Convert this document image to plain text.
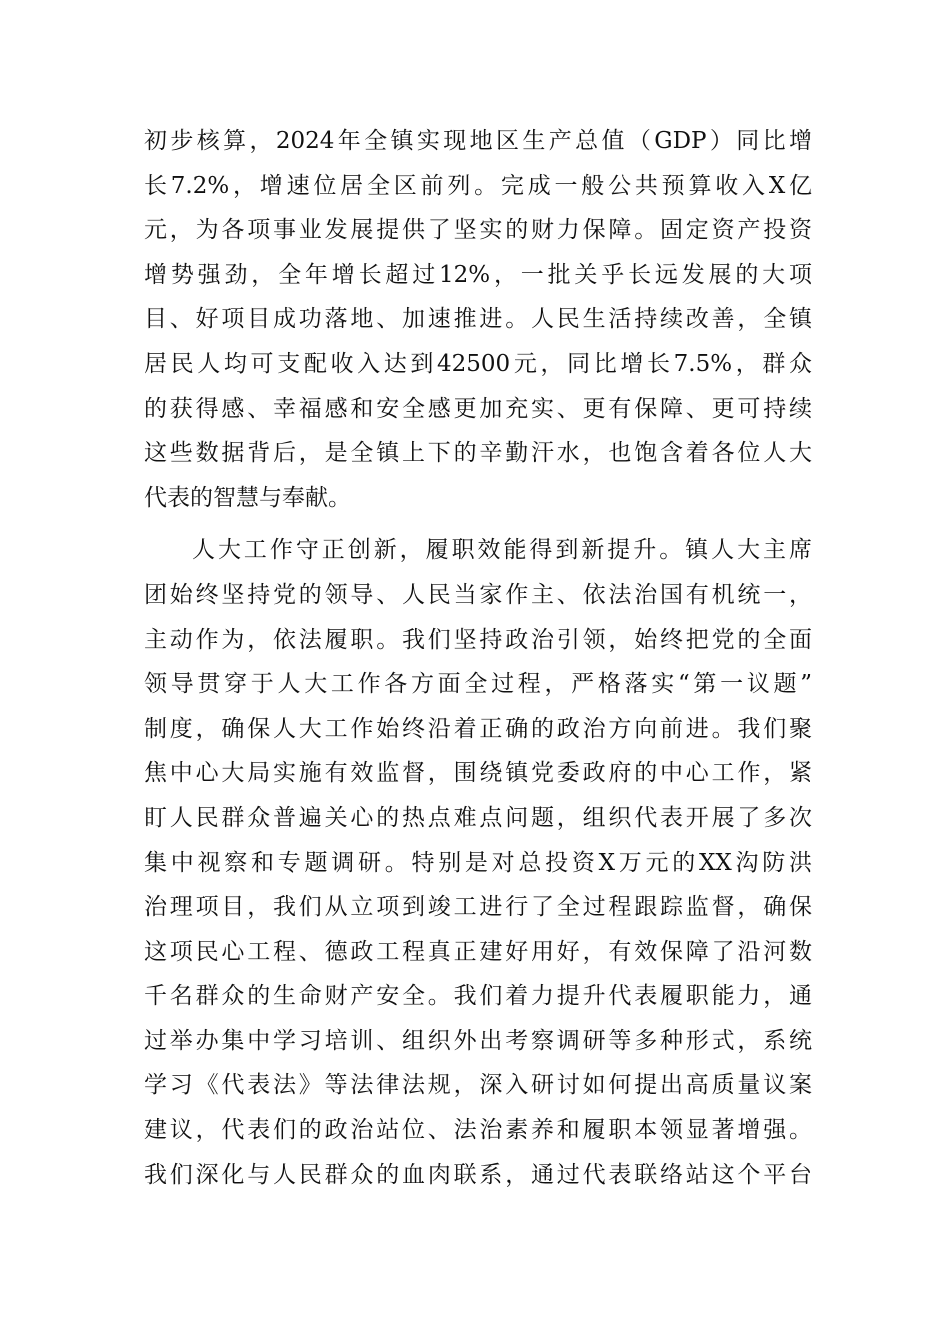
初步核算，2024年全镇实现地区生产总值（GDP）同比增
长7.2%，增速位居全区前列。完成一般公共预算收入X亿
元，为各项事业发展提供了坚实的财力保障。固定资产投资
增势强劲，全年增长超过12%，一批关乎长远发展的大项
目、好项目成功落地、加速推进。人民生活持续改善，全镇
居民人均可支配收入达到42500元，同比增长7.5%，群众
的获得感、幸福感和安全感更加充实、更有保障、更可持续
这些数据背后，是全镇上下的辛勤汗水，也饱含着各位人大
代表的智慧与奉献。
人大工作守正创新，履职效能得到新提升。镇人大主席
团始终坚持党的领导、人民当家作主、依法治国有机统一，
主动作为，依法履职。我们坚持政治引领，始终把党的全面
领导贯穿于人大工作各方面全过程，严格落实“第一议题”
制度，确保人大工作始终沿着正确的政治方向前进。我们聚
焦中心大局实施有效监督，围绕镇党委政府的中心工作，紧
盯人民群众普遍关心的热点难点问题，组织代表开展了多次
集中视察和专题调研。特别是对总投资X万元的XX沟防洪
治理项目，我们从立项到竣工进行了全过程跟踪监督，确保
这项民心工程、德政工程真正建好用好，有效保障了沿河数
千名群众的生命财产安全。我们着力提升代表履职能力，通
过举办集中学习培训、组织外出考察调研等多种形式，系统
学习《代表法》等法律法规，深入研讨如何提出高质量议案
建议，代表们的政治站位、法治素养和履职本领显著增强。
我们深化与人民群众的血肉联系，通过代表联络站这个平台
